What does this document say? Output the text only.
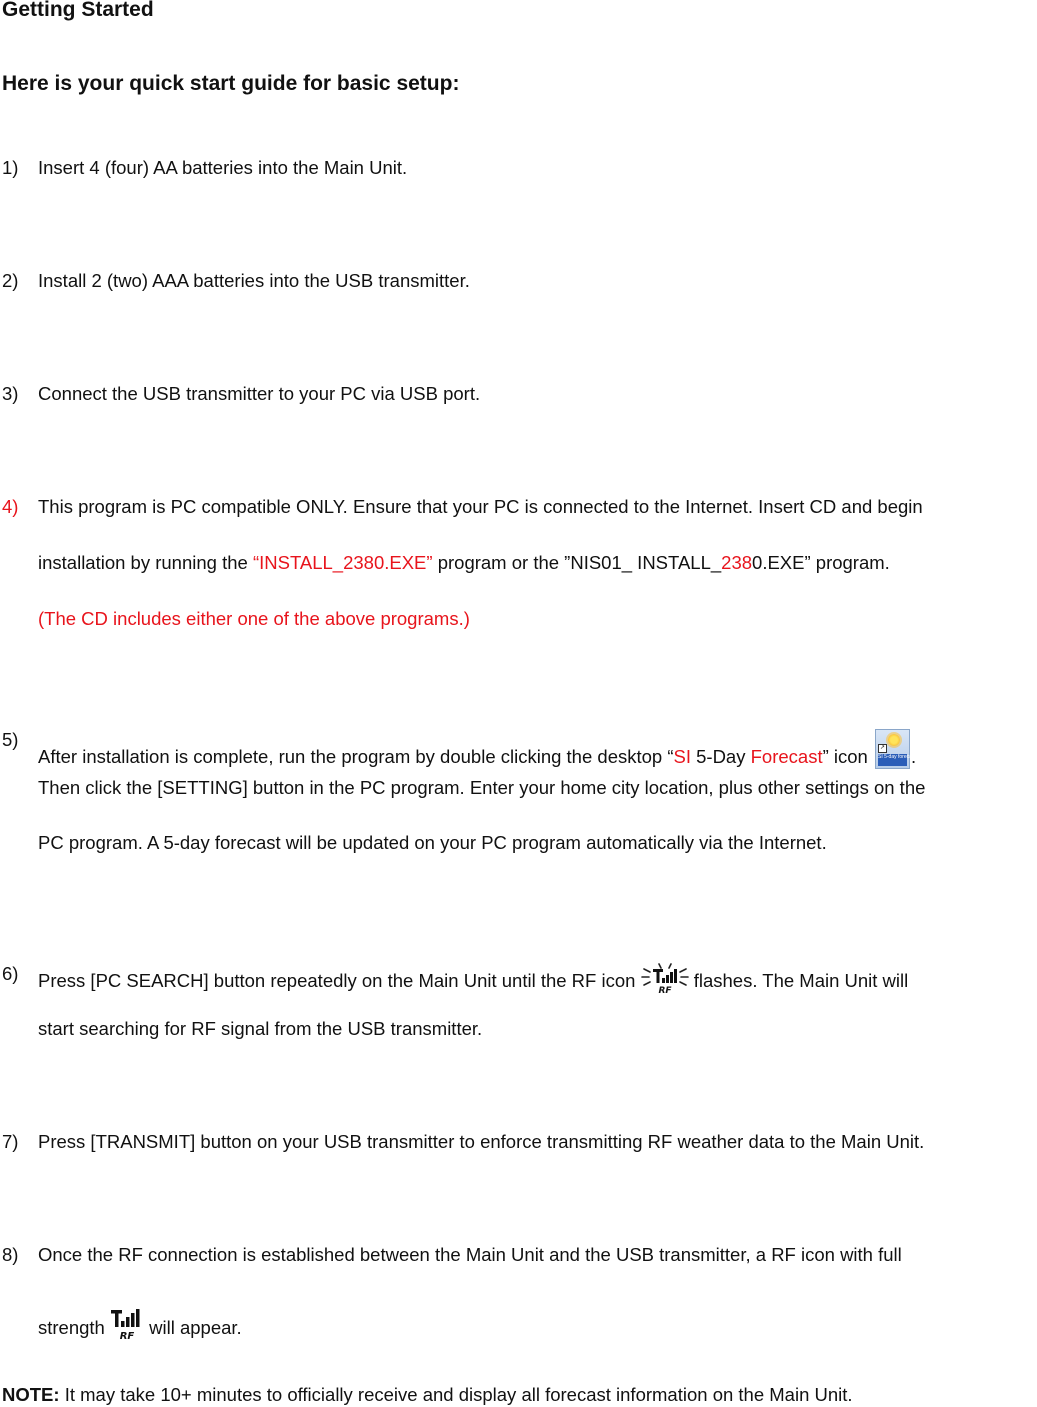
Getting Started
Here is your quick start guide for basic setup:
1) Insert 4 (four) AA batteries into the Main Unit.
2) Install 2 (two) AAA batteries into the USB transmitter.
3) Connect the USB transmitter to your PC via USB port.
4) This program is PC compatible ONLY. Ensure that your PC is connected to the Internet. Insert CD and begin
installation by running the “INSTALL_2380.EXE” program or the ”NIS01_ INSTALL_2380.EXE” program.
(The CD includes either one of the above programs.)
5)
After installation is complete, run the program by double clicking the desktop “SI 5-Day Forecast” icon	↗
SI 5-day forecast
.
Then click the [SETTING] button in the PC program. Enter your home city location, plus other settings on the
PC program. A 5-day forecast will be updated on your PC program automatically via the Internet.
6) Press [PC SEARCH] button repeatedly on the Main Unit until the RF icon RF flashes. The Main Unit will
start searching for RF signal from the USB transmitter.
7) Press [TRANSMIT] button on your USB transmitter to enforce transmitting RF weather data to the Main Unit.
8) Once the RF connection is established between the Main Unit and the USB transmitter, a RF icon with full
strength RF will appear.
NOTE: It may take 10+ minutes to officially receive and display all forecast information on the Main Unit.
